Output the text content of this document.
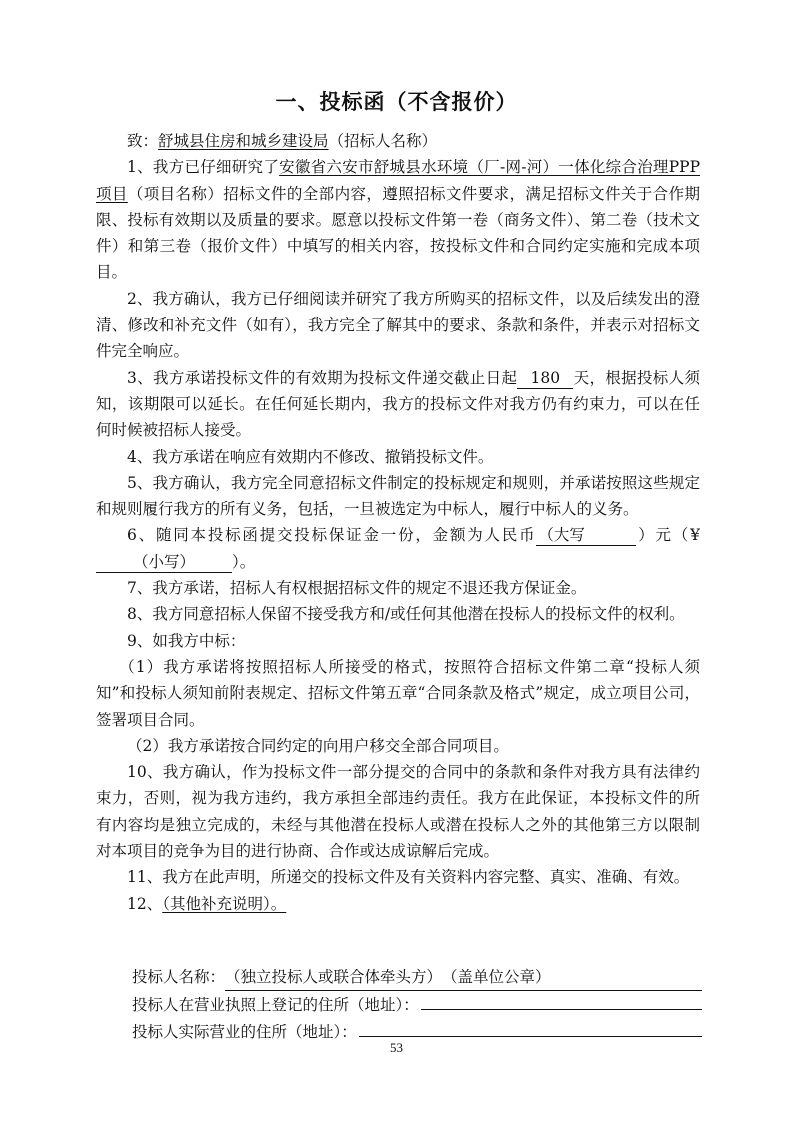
一、投标函（不含报价）

致：舒城县住房和城乡建设局（招标人名称）

1、我方已仔细研究了安徽省六安市舒城县水环境（厂-网-河）一体化综合治理PPP项目（项目名称）招标文件的全部内容，遵照招标文件要求，满足招标文件关于合作期限、投标有效期以及质量的要求。愿意以投标文件第一卷（商务文件）、第二卷（技术文件）和第三卷（报价文件）中填写的相关内容，按投标文件和合同约定实施和完成本项目。

2、我方确认，我方已仔细阅读并研究了我方所购买的招标文件，以及后续发出的澄清、修改和补充文件（如有），我方完全了解其中的要求、条款和条件，并表示对招标文件完全响应。

3、我方承诺投标文件的有效期为投标文件递交截止日起 180 天，根据投标人须知，该期限可以延长。在任何延长期内，我方的投标文件对我方仍有约束力，可以在任何时候被招标人接受。

4、我方承诺在响应有效期内不修改、撤销投标文件。

5、我方确认，我方完全同意招标文件制定的投标规定和规则，并承诺按照这些规定和规则履行我方的所有义务，包括，一旦被选定为中标人，履行中标人的义务。

6、随同本投标函提交投标保证金一份，金额为人民币 （大写	）元（¥（小写） ）。

7、我方承诺，招标人有权根据招标文件的规定不退还我方保证金。

8、我方同意招标人保留不接受我方和/或任何其他潜在投标人的投标文件的权利。

9、如我方中标：

（1）我方承诺将按照招标人所接受的格式，按照符合招标文件第二章“投标人须知”和投标人须知前附表规定、招标文件第五章“合同条款及格式”规定，成立项目公司，签署项目合同。

（2）我方承诺按合同约定的向用户移交全部合同项目。

10、我方确认，作为投标文件一部分提交的合同中的条款和条件对我方具有法律约束力，否则，视为我方违约，我方承担全部违约责任。我方在此保证，本投标文件的所有内容均是独立完成的，未经与其他潜在投标人或潜在投标人之外的其他第三方以限制对本项目的竞争为目的进行协商、合作或达成谅解后完成。

11、我方在此声明，所递交的投标文件及有关资料内容完整、真实、准确、有效。

12、（其他补充说明）。

投标人名称： （独立投标人或联合体牵头方）　（盖单位公章）
投标人在营业执照上登记的住所（地址）：
投标人实际营业的住所（地址）：
53
